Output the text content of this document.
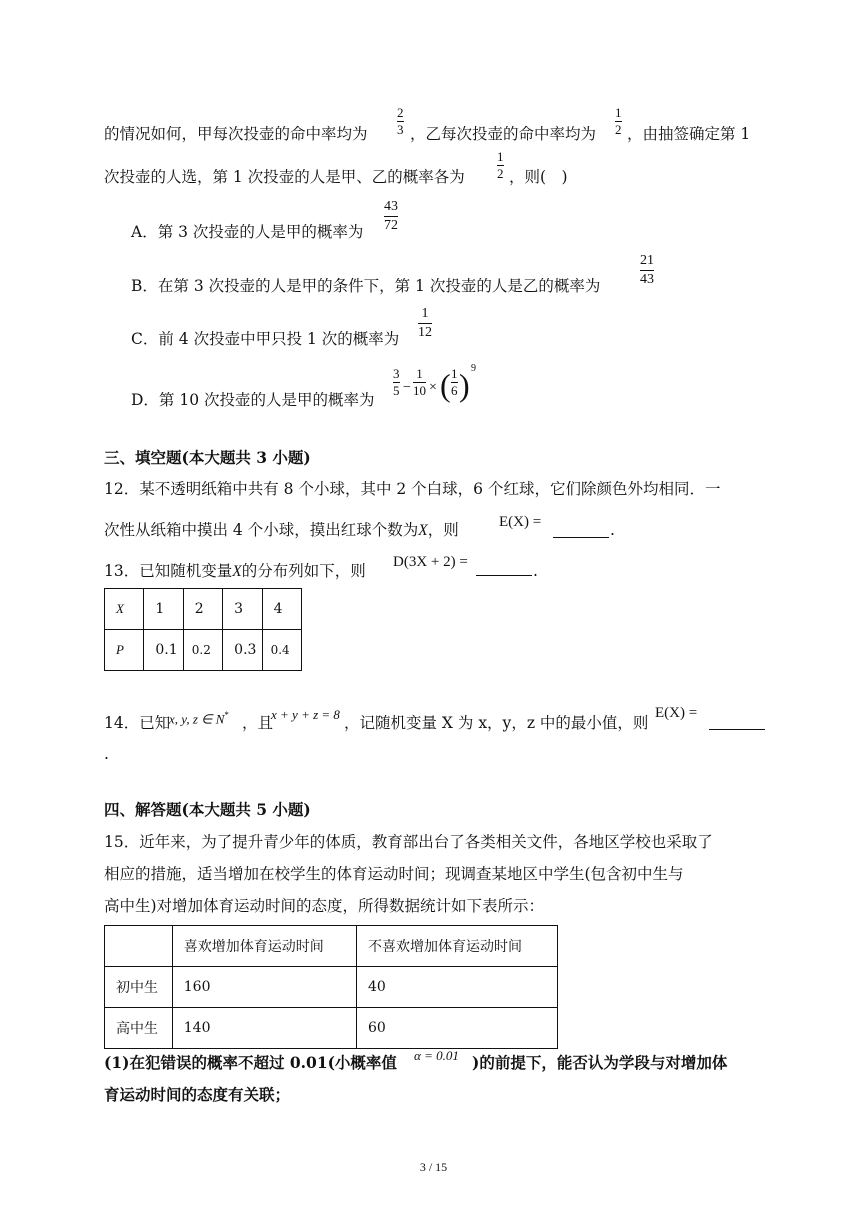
的情况如何，甲每次投壶的命中率均为
2
3 ，乙每次投壶的命中率均为
1
2 ，由抽签确定第 1
次投壶的人选，第 1 次投壶的人是甲、乙的概率各为
1
2 ，则(　)
A．第 3 次投壶的人是甲的概率为
43
72
B．在第 3 次投壶的人是甲的条件下，第 1 次投壶的人是乙的概率为
21
43
C．前 4 次投壶中甲只投 1 次的概率为
1
12
D．第 10 次投壶的人是甲的概率为
3
5 −
1
10 × ( 1
6 ) 9
三、填空题(本大题共 3 小题)
12．某不透明纸箱中共有 8 个小球，其中 2 个白球，6 个红球，它们除颜色外均相同．一
次性从纸箱中摸出 4 个小球，摸出红球个数为X，则	E(X) =	.
13．已知随机变量X的分布列如下，则 D(3X + 2) =	.
X	1	2	3	4
P	0.1	0.2	0.3	0.4
14．已知
x, y, z ∈ N* ，且
x + y + z = 8 ，记随机变量 X 为 x，y，z 中的最小值，则
E(X) =
.
四、解答题(本大题共 5 小题)
15．近年来，为了提升青少年的体质，教育部出台了各类相关文件，各地区学校也采取了
相应的措施，适当增加在校学生的体育运动时间；现调查某地区中学生(包含初中生与
高中生)对增加体育运动时间的态度，所得数据统计如下表所示：
	喜欢增加体育运动时间	不喜欢增加体育运动时间
初中生	160	40
高中生	140	60
(1)在犯错误的概率不超过 0.01(小概率值 α = 0.01 )的前提下，能否认为学段与对增加体
育运动时间的态度有关联；
3 / 15
